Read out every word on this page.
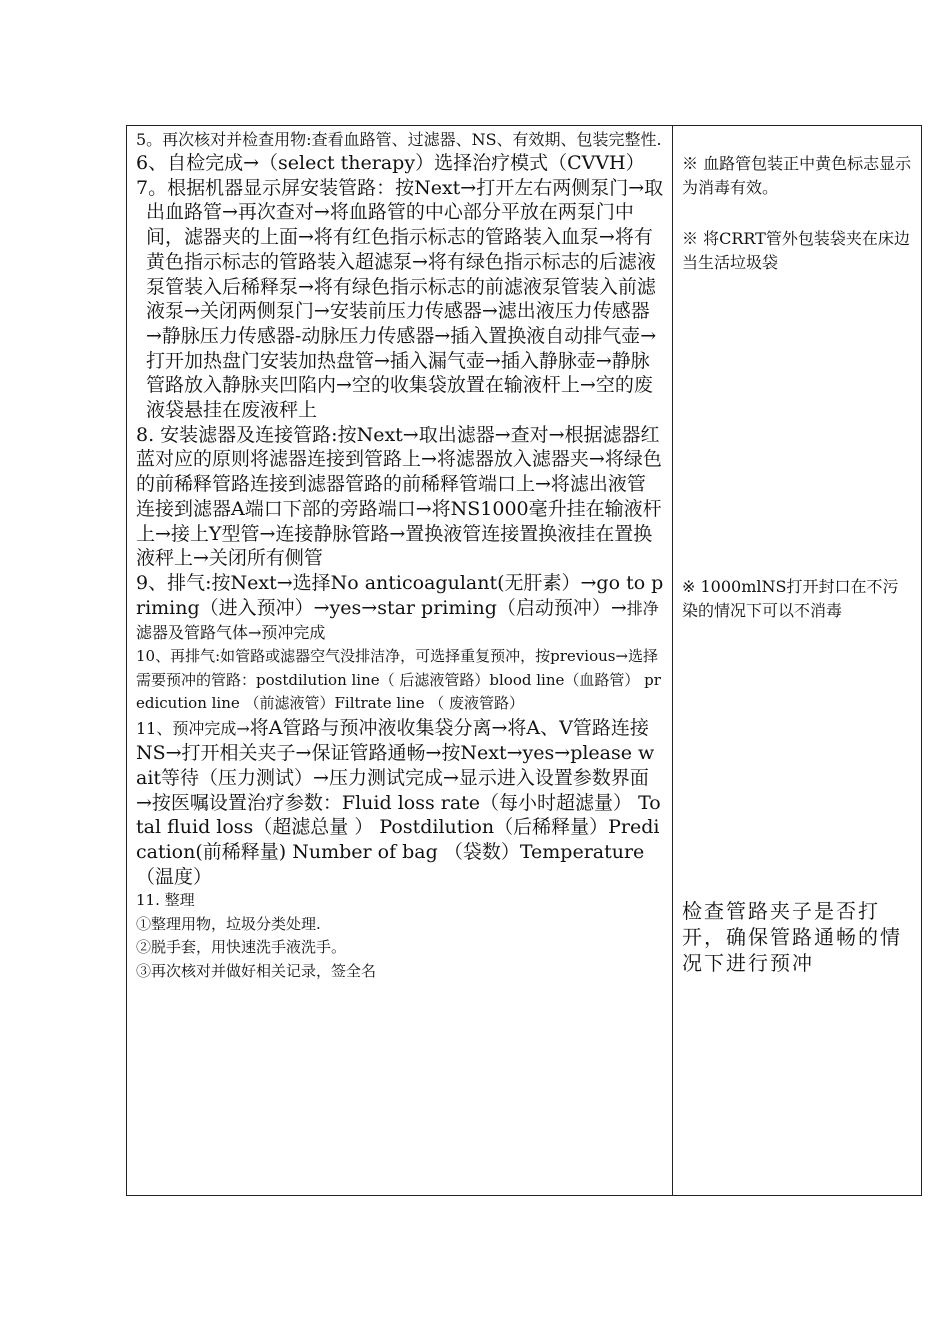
5。再次核对并检查用物:查看血路管、过滤器、NS、有效期、包装完整性.

6、自检完成→（select therapy）选择治疗模式（CVVH）

7。根据机器显示屏安装管路：按Next→打开左右两侧泵门→取出血路管→再次查对→将血路管的中心部分平放在两泵门中间，滤器夹的上面→将有红色指示标志的管路装入血泵→将有黄色指示标志的管路装入超滤泵→将有绿色指示标志的后滤液泵管装入后稀释泵→将有绿色指示标志的前滤液泵管装入前滤液泵→关闭两侧泵门→安装前压力传感器→滤出液压力传感器→静脉压力传感器-动脉压力传感器→插入置换液自动排气壶→打开加热盘门安装加热盘管→插入漏气壶→插入静脉壶→静脉管路放入静脉夹凹陷内→空的收集袋放置在输液杆上→空的废液袋悬挂在废液秤上

8. 安装滤器及连接管路:按Next→取出滤器→查对→根据滤器红蓝对应的原则将滤器连接到管路上→将滤器放入滤器夹→将绿色的前稀释管路连接到滤器管路的前稀释管端口上→将滤出液管连接到滤器A端口下部的旁路端口→将NS1000毫升挂在输液杆上→接上Y型管→连接静脉管路→置换液管连接置换液挂在置换液秤上→关闭所有侧管

9、排气:按Next→选择No anticoagulant(无肝素）→go to priming（进入预冲）→yes→star priming（启动预冲）→排净滤器及管路气体→预冲完成

10、再排气:如管路或滤器空气没排洁净，可选择重复预冲，按previous→选择需要预冲的管路：postdilution line（ 后滤液管路）blood line（血路管） predicution line （前滤液管）Filtrate line （ 废液管路）

11、预冲完成→将A管路与预冲液收集袋分离→将A、V管路连接NS→打开相关夹子→保证管路通畅→按Next→yes→please wait等待（压力测试）→压力测试完成→显示进入设置参数界面→按医嘱设置治疗参数：Fluid loss rate（每小时超滤量） Total fluid loss（超滤总量 ） Postdilution（后稀释量）Predication(前稀释量) Number of bag （袋数）Temperature（温度）

11. 整理

①整理用物，垃圾分类处理.

②脱手套，用快速洗手液洗手。

③再次核对并做好相关记录，签全名

※ 血路管包装正中黄色标志显示为消毒有效。

※ 将CRRT管外包装袋夹在床边当生活垃圾袋

※ 1000mlNS打开封口在不污染的情况下可以不消毒

检查管路夹子是否打开，确保管路通畅的情况下进行预冲
